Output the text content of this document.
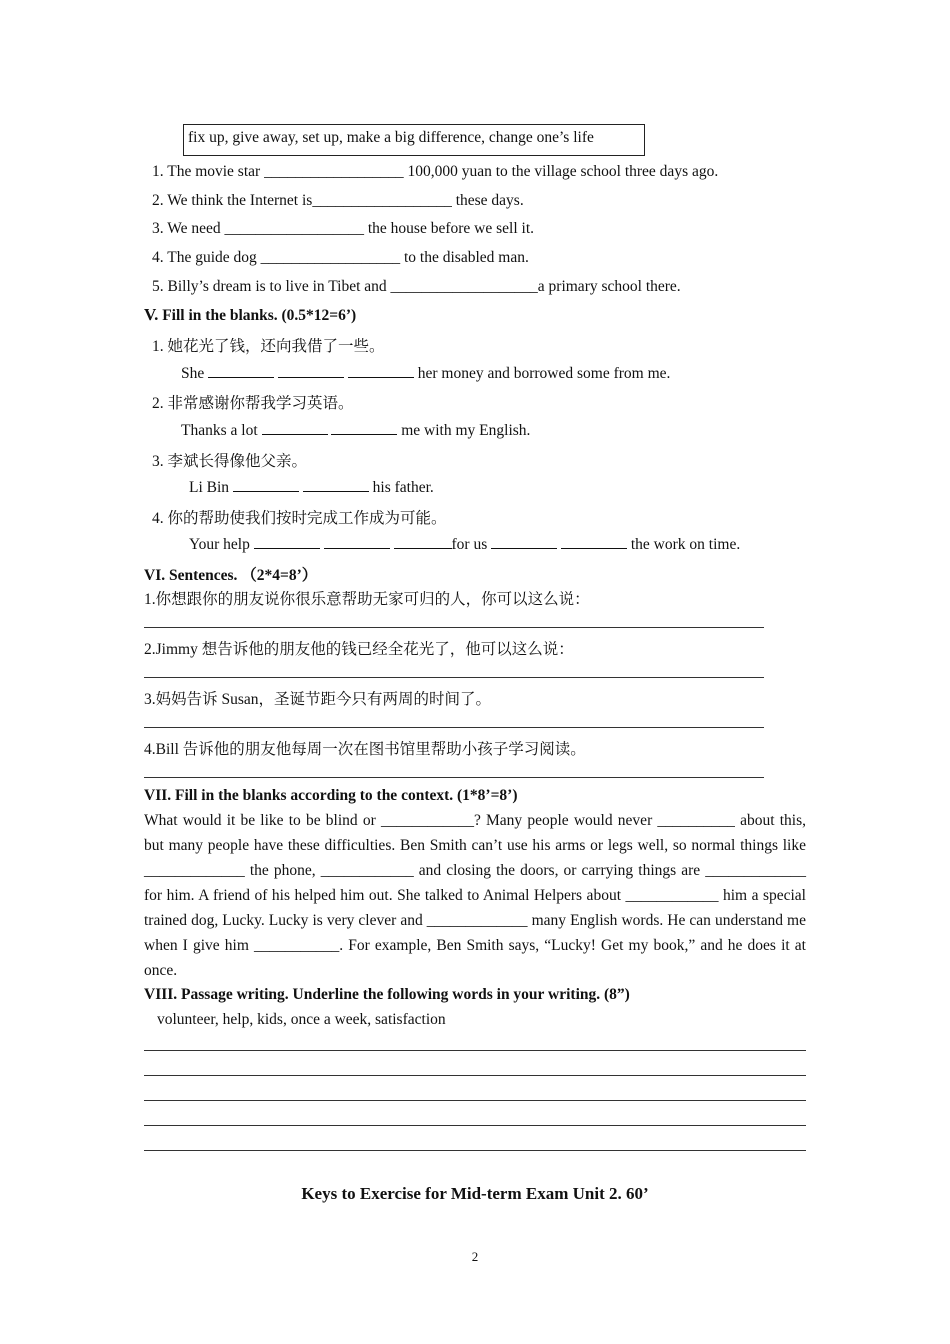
fix up, give away, set up, make a big difference, change one’s life
1. The movie star __________________ 100,000 yuan to the village school three days ago.
2. We think the Internet is__________________ these days.
3. We need __________________ the house before we sell it.
4. The guide dog __________________ to the disabled man.
5. Billy’s dream is to live in Tibet and ___________________a primary school there.
V. Fill in the blanks. (0.5*12=6’)
1. 她花光了钱，还向我借了一些。
She	her money and borrowed some from me.
2. 非常感谢你帮我学习英语。
Thanks a lot	me with my English.
3. 李斌长得像他父亲。
Li Bin	his father.
4. 你的帮助使我们按时完成工作成为可能。
Your help	for us	the work on time.
VI. Sentences. （2*4=8’）
1.你想跟你的朋友说你很乐意帮助无家可归的人，你可以这么说：
2.Jimmy 想告诉他的朋友他的钱已经全花光了，他可以这么说：
3.妈妈告诉 Susan，圣诞节距今只有两周的时间了。
4.Bill 告诉他的朋友他每周一次在图书馆里帮助小孩子学习阅读。
VII. Fill in the blanks according to the context. (1*8’=8’)
What would it be like to be blind or ____________? Many people would never __________ about this, but many people have these difficulties. Ben Smith can’t use his arms or legs well, so normal things like _____________ the phone, ____________ and closing the doors, or carrying things are _____________ for him. A friend of his helped him out. She talked to Animal Helpers about ____________ him a special trained dog, Lucky. Lucky is very clever and _____________ many English words. He can understand me when I give him ___________. For example, Ben Smith says, “Lucky! Get my book,” and he does it at once.
VIII. Passage writing. Underline the following words in your writing. (8”)
volunteer, help, kids, once a week, satisfaction
Keys to Exercise for Mid-term Exam Unit 2. 60’
2
